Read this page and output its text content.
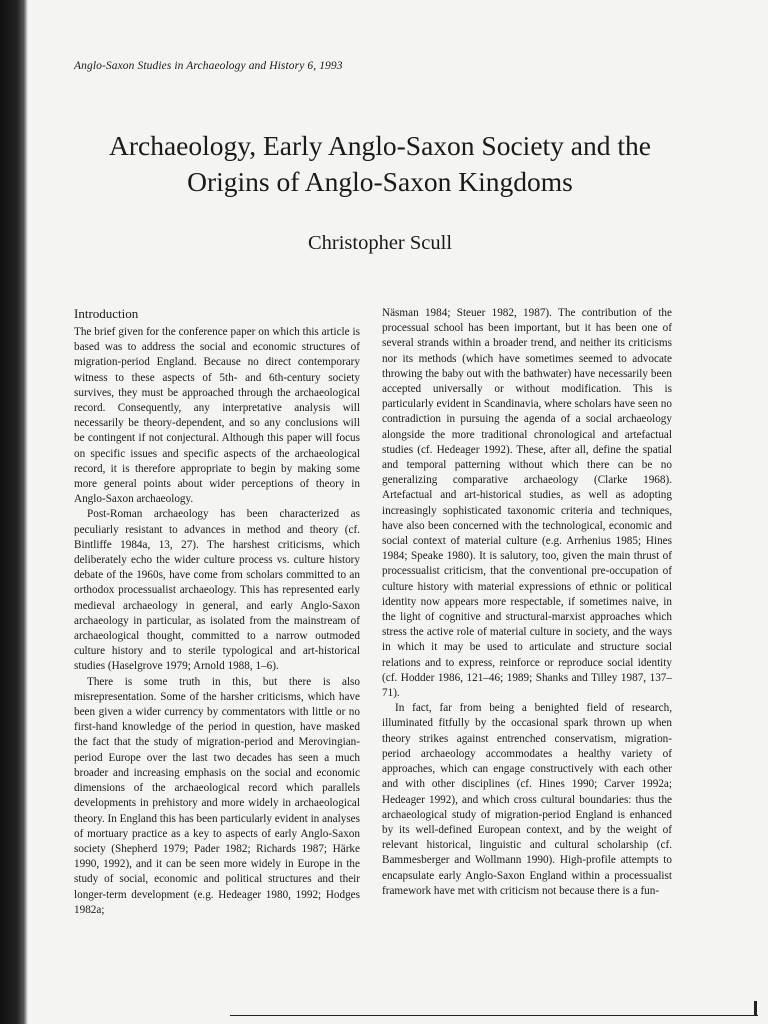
Anglo-Saxon Studies in Archaeology and History 6, 1993
Archaeology, Early Anglo-Saxon Society and the
Origins of Anglo-Saxon Kingdoms
Christopher Scull
Introduction

The brief given for the conference paper on which this article is based was to address the social and economic structures of migration-period England. Because no direct contemporary witness to these aspects of 5th- and 6th-century society survives, they must be approached through the archaeological record. Consequently, any interpretative analysis will necessarily be theory-dependent, and so any conclusions will be contingent if not conjectural. Although this paper will focus on specific issues and specific aspects of the archaeological record, it is therefore appropriate to begin by making some more general points about wider perceptions of theory in Anglo-Saxon archaeology.

Post-Roman archaeology has been characterized as peculiarly resistant to advances in method and theory (cf. Bintliffe 1984a, 13, 27). The harshest criticisms, which deliberately echo the wider culture process vs. culture history debate of the 1960s, have come from scholars committed to an orthodox processualist archaeology. This has represented early medieval archaeology in general, and early Anglo-Saxon archaeology in particular, as isolated from the mainstream of archaeological thought, committed to a narrow outmoded culture history and to sterile typological and art-historical studies (Haselgrove 1979; Arnold 1988, 1–6).

There is some truth in this, but there is also misrepresentation. Some of the harsher criticisms, which have been given a wider currency by commentators with little or no first-hand knowledge of the period in question, have masked the fact that the study of migration-period and Merovingian-period Europe over the last two decades has seen a much broader and increasing emphasis on the social and economic dimensions of the archaeological record which parallels developments in prehistory and more widely in archaeological theory. In England this has been particularly evident in analyses of mortuary practice as a key to aspects of early Anglo-Saxon society (Shepherd 1979; Pader 1982; Richards 1987; Härke 1990, 1992), and it can be seen more widely in Europe in the study of social, economic and political structures and their longer-term development (e.g. Hedeager 1980, 1992; Hodges 1982a;

Näsman 1984; Steuer 1982, 1987). The contribution of the processual school has been important, but it has been one of several strands within a broader trend, and neither its criticisms nor its methods (which have sometimes seemed to advocate throwing the baby out with the bathwater) have necessarily been accepted universally or without modification. This is particularly evident in Scandinavia, where scholars have seen no contradiction in pursuing the agenda of a social archaeology alongside the more traditional chronological and artefactual studies (cf. Hedeager 1992). These, after all, define the spatial and temporal patterning without which there can be no generalizing comparative archaeology (Clarke 1968). Artefactual and art-historical studies, as well as adopting increasingly sophisticated taxonomic criteria and techniques, have also been concerned with the technological, economic and social context of material culture (e.g. Arrhenius 1985; Hines 1984; Speake 1980). It is salutory, too, given the main thrust of processualist criticism, that the conventional pre-occupation of culture history with material expressions of ethnic or political identity now appears more respectable, if sometimes naive, in the light of cognitive and structural-marxist approaches which stress the active role of material culture in society, and the ways in which it may be used to articulate and structure social relations and to express, reinforce or reproduce social identity (cf. Hodder 1986, 121–46; 1989; Shanks and Tilley 1987, 137–71).

In fact, far from being a benighted field of research, illuminated fitfully by the occasional spark thrown up when theory strikes against entrenched conservatism, migration-period archaeology accommodates a healthy variety of approaches, which can engage constructively with each other and with other disciplines (cf. Hines 1990; Carver 1992a; Hedeager 1992), and which cross cultural boundaries: thus the archaeological study of migration-period England is enhanced by its well-defined European context, and by the weight of relevant historical, linguistic and cultural scholarship (cf. Bammesberger and Wollmann 1990). High-profile attempts to encapsulate early Anglo-Saxon England within a processualist framework have met with criticism not because there is a fun-
